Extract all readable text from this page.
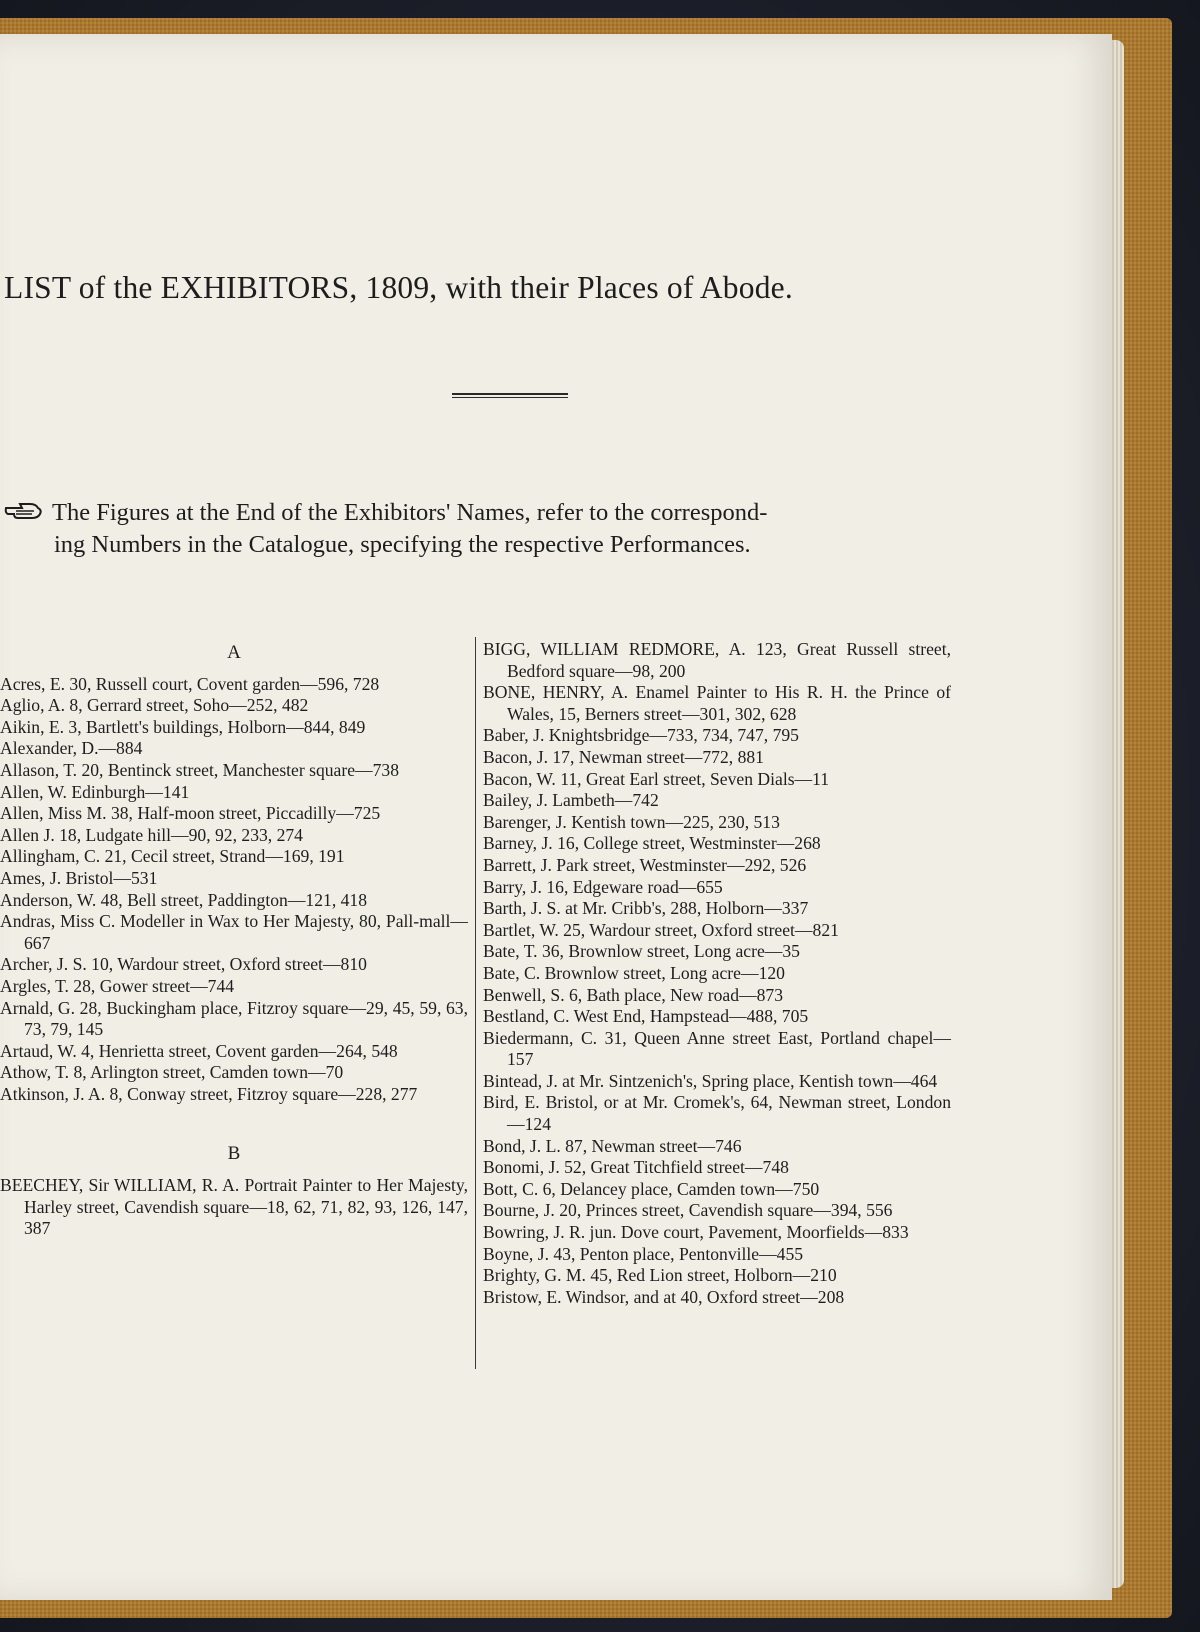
LIST of the EXHIBITORS, 1809, with their Places of Abode.
The Figures at the End of the Exhibitors' Names, refer to the correspond-
ing Numbers in the Catalogue, specifying the respective Performances.
A
Acres, E. 30, Russell court, Covent garden—596, 728
Aglio, A. 8, Gerrard street, Soho—252, 482
Aikin, E. 3, Bartlett's buildings, Holborn—844, 849
Alexander, D.—884
Allason, T. 20, Bentinck street, Manchester square—738
Allen, W. Edinburgh—141
Allen, Miss M. 38, Half-moon street, Piccadilly—725
Allen J. 18, Ludgate hill—90, 92, 233, 274
Allingham, C. 21, Cecil street, Strand—169, 191
Ames, J. Bristol—531
Anderson, W. 48, Bell street, Paddington—121, 418
Andras, Miss C. Modeller in Wax to Her Majesty, 80, Pall-mall—667
Archer, J. S. 10, Wardour street, Oxford street—810
Argles, T. 28, Gower street—744
Arnald, G. 28, Buckingham place, Fitzroy square—29, 45, 59, 63, 73, 79, 145
Artaud, W. 4, Henrietta street, Covent garden—264, 548
Athow, T. 8, Arlington street, Camden town—70
Atkinson, J. A. 8, Conway street, Fitzroy square—228, 277
B
BEECHEY, Sir WILLIAM, R. A. Portrait Painter to Her Majesty, Harley street, Cavendish square—18, 62, 71, 82, 93, 126, 147, 387
BIGG, WILLIAM REDMORE, A. 123, Great Russell street, Bedford square—98, 200
BONE, HENRY, A. Enamel Painter to His R. H. the Prince of Wales, 15, Berners street—301, 302, 628
Baber, J. Knightsbridge—733, 734, 747, 795
Bacon, J. 17, Newman street—772, 881
Bacon, W. 11, Great Earl street, Seven Dials—11
Bailey, J. Lambeth—742
Barenger, J. Kentish town—225, 230, 513
Barney, J. 16, College street, Westminster—268
Barrett, J. Park street, Westminster—292, 526
Barry, J. 16, Edgeware road—655
Barth, J. S. at Mr. Cribb's, 288, Holborn—337
Bartlet, W. 25, Wardour street, Oxford street—821
Bate, T. 36, Brownlow street, Long acre—35
Bate, C. Brownlow street, Long acre—120
Benwell, S. 6, Bath place, New road—873
Bestland, C. West End, Hampstead—488, 705
Biedermann, C. 31, Queen Anne street East, Portland chapel—157
Bintead, J. at Mr. Sintzenich's, Spring place, Kentish town—464
Bird, E. Bristol, or at Mr. Cromek's, 64, Newman street, London—124
Bond, J. L. 87, Newman street—746
Bonomi, J. 52, Great Titchfield street—748
Bott, C. 6, Delancey place, Camden town—750
Bourne, J. 20, Princes street, Cavendish square—394, 556
Bowring, J. R. jun. Dove court, Pavement, Moorfields—833
Boyne, J. 43, Penton place, Pentonville—455
Brighty, G. M. 45, Red Lion street, Holborn—210
Bristow, E. Windsor, and at 40, Oxford street—208
